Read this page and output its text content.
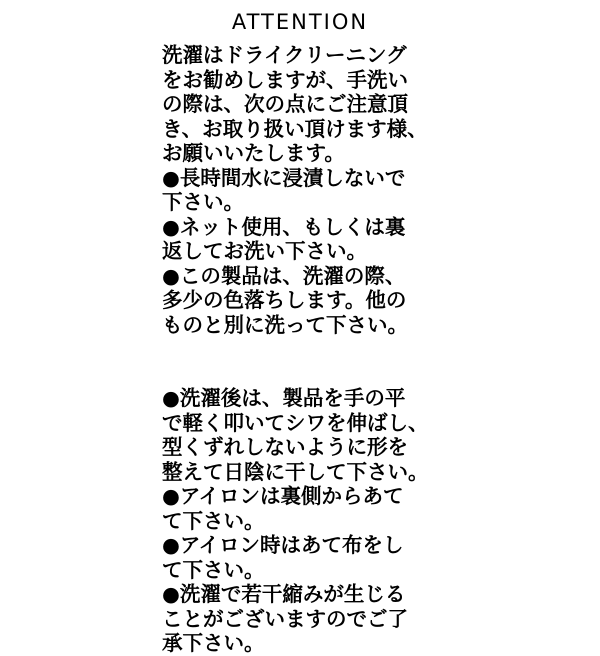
ATTENTION
洗濯はドライクリーニング
をお勧めしますが、手洗い
の際は、次の点にご注意頂
き、お取り扱い頂けます様、
お願いいたします。
●長時間水に浸漬しないで
下さい。
●ネット使用、もしくは裏
返してお洗い下さい。
●この製品は、洗濯の際、
多少の色落ちします。他の
ものと別に洗って下さい。
●洗濯後は、製品を手の平
で軽く叩いてシワを伸ばし、
型くずれしないように形を
整えて日陰に干して下さい。
●アイロンは裏側からあて
て下さい。
●アイロン時はあて布をし
て下さい。
●洗濯で若干縮みが生じる
ことがございますのでご了
承下さい。
